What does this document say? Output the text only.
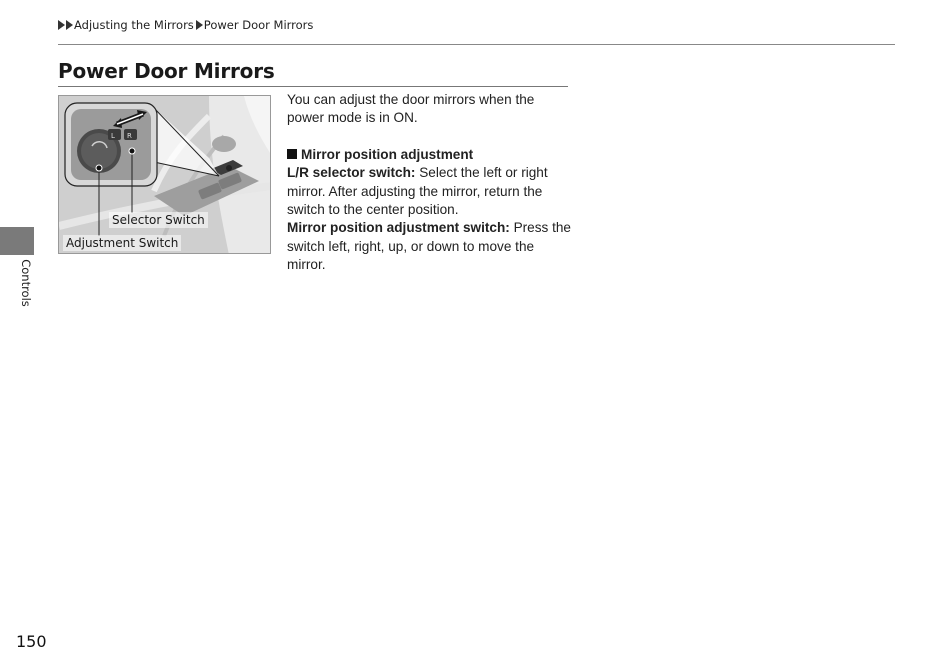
Adjusting the Mirrors Power Door Mirrors
Power Door Mirrors
L R
Selector Switch
Adjustment Switch

You can adjust the door mirrors when the power mode is in ON.

Mirror position adjustment

L/R selector switch: Select the left or right mirror. After adjusting the mirror, return the switch to the center position.

Mirror position adjustment switch: Press the switch left, right, up, or down to move the mirror.

Controls
150
